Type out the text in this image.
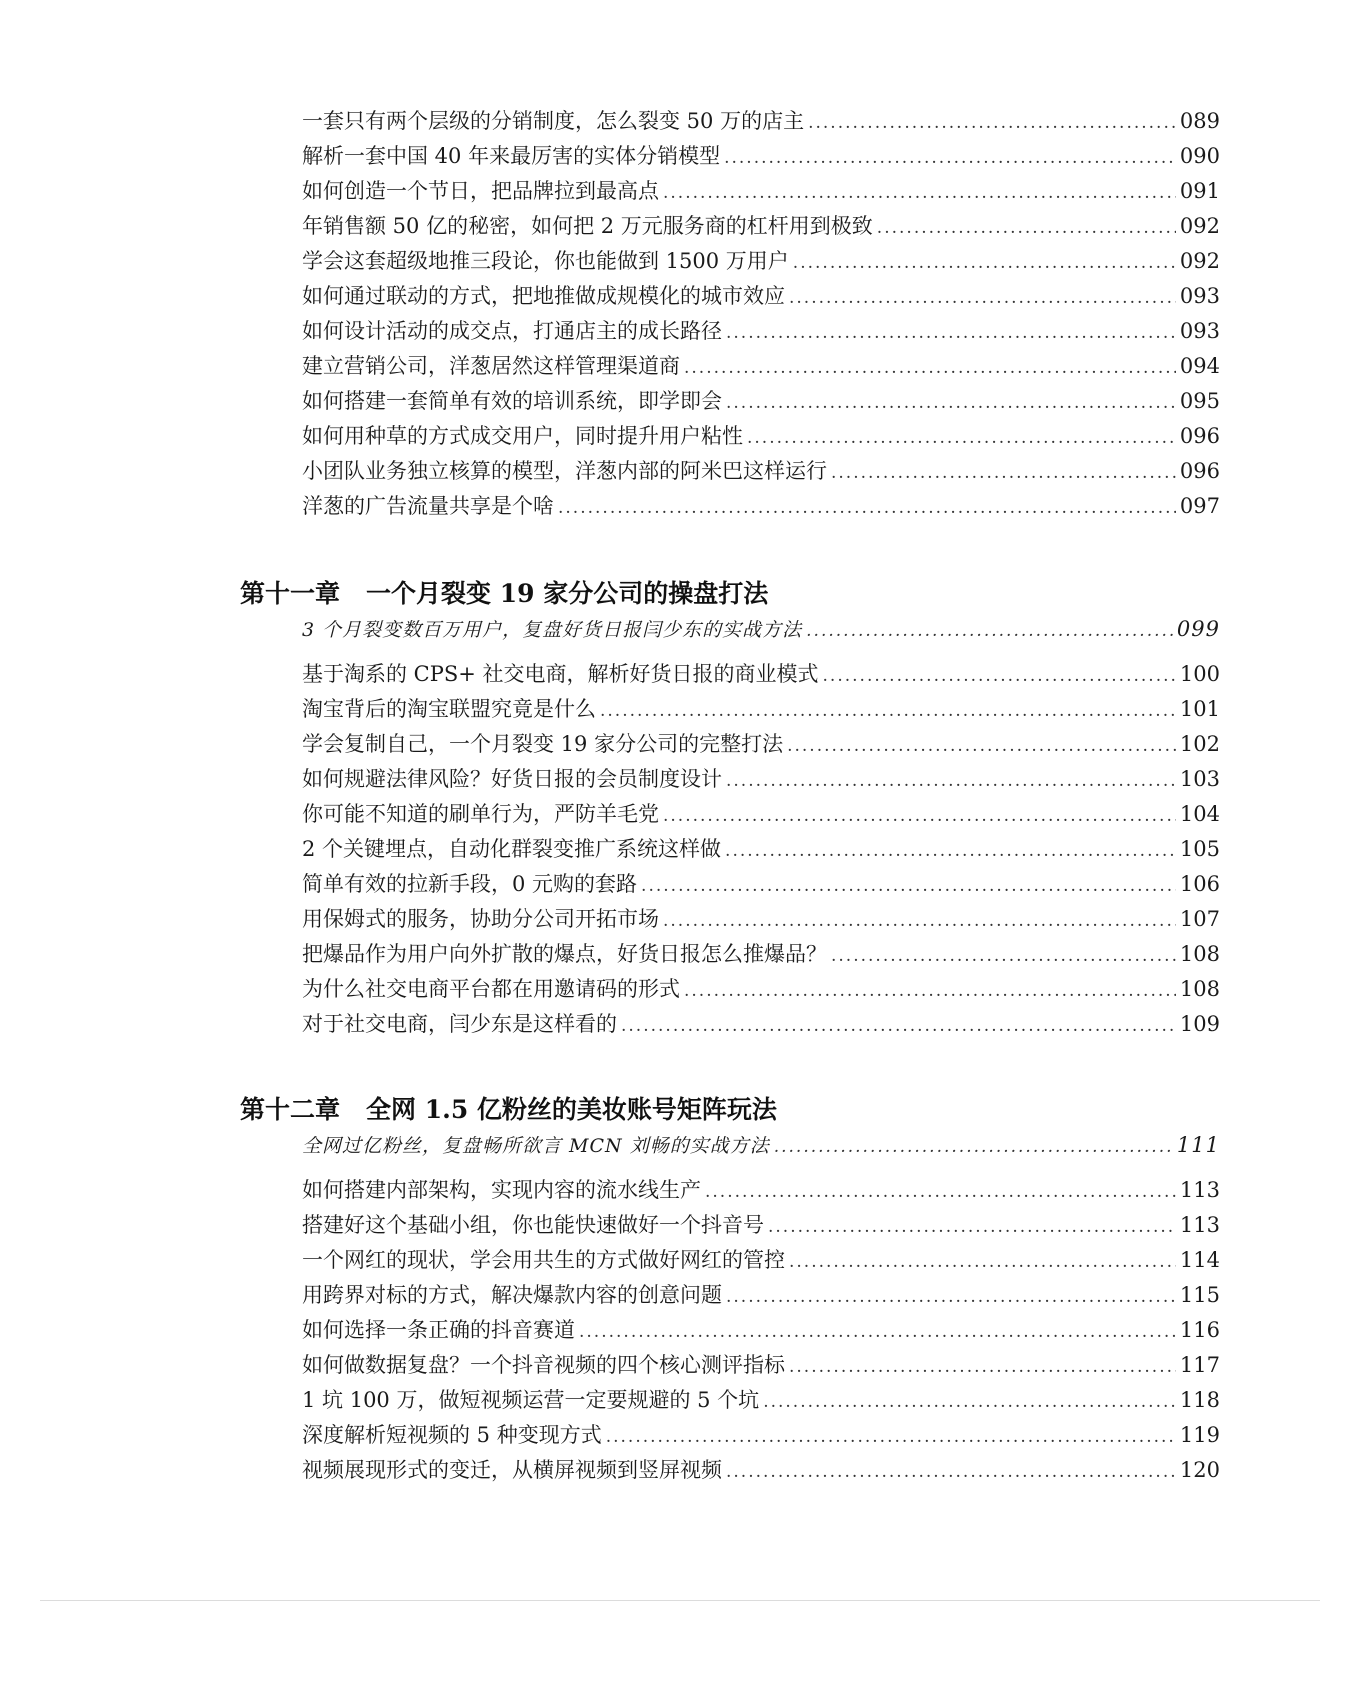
一套只有两个层级的分销制度，怎么裂变 50 万的店主 .....	089
解析一套中国 40 年来最厉害的实体分销模型 .....	090
如何创造一个节日，把品牌拉到最高点 .....	091
年销售额 50 亿的秘密，如何把 2 万元服务商的杠杆用到极致 .....	092
学会这套超级地推三段论，你也能做到 1500 万用户 .....	092
如何通过联动的方式，把地推做成规模化的城市效应 .....	093
如何设计活动的成交点，打通店主的成长路径 .....	093
建立营销公司，洋葱居然这样管理渠道商 .....	094
如何搭建一套简单有效的培训系统，即学即会 .....	095
如何用种草的方式成交用户，同时提升用户粘性 .....	096
小团队业务独立核算的模型，洋葱内部的阿米巴这样运行 .....	096
洋葱的广告流量共享是个啥 .....	097
第十一章 一个月裂变 19 家分公司的操盘打法
3 个月裂变数百万用户，复盘好货日报闫少东的实战方法 .....	099
基于淘系的 CPS+ 社交电商，解析好货日报的商业模式 .....	100
淘宝背后的淘宝联盟究竟是什么 .....	101
学会复制自己，一个月裂变 19 家分公司的完整打法 .....	102
如何规避法律风险？好货日报的会员制度设计 .....	103
你可能不知道的刷单行为，严防羊毛党 .....	104
2 个关键埋点，自动化群裂变推广系统这样做 .....	105
简单有效的拉新手段，0 元购的套路 .....	106
用保姆式的服务，协助分公司开拓市场 .....	107
把爆品作为用户向外扩散的爆点，好货日报怎么推爆品？ .....	108
为什么社交电商平台都在用邀请码的形式 .....	108
对于社交电商，闫少东是这样看的 .....	109
第十二章 全网 1.5 亿粉丝的美妆账号矩阵玩法
全网过亿粉丝，复盘畅所欲言 MCN 刘畅的实战方法 .....	111
如何搭建内部架构，实现内容的流水线生产 .....	113
搭建好这个基础小组，你也能快速做好一个抖音号 .....	113
一个网红的现状，学会用共生的方式做好网红的管控 .....	114
用跨界对标的方式，解决爆款内容的创意问题 .....	115
如何选择一条正确的抖音赛道 .....	116
如何做数据复盘？一个抖音视频的四个核心测评指标 .....	117
1 坑 100 万，做短视频运营一定要规避的 5 个坑 .....	118
深度解析短视频的 5 种变现方式 .....	119
视频展现形式的变迁，从横屏视频到竖屏视频 .....	120
